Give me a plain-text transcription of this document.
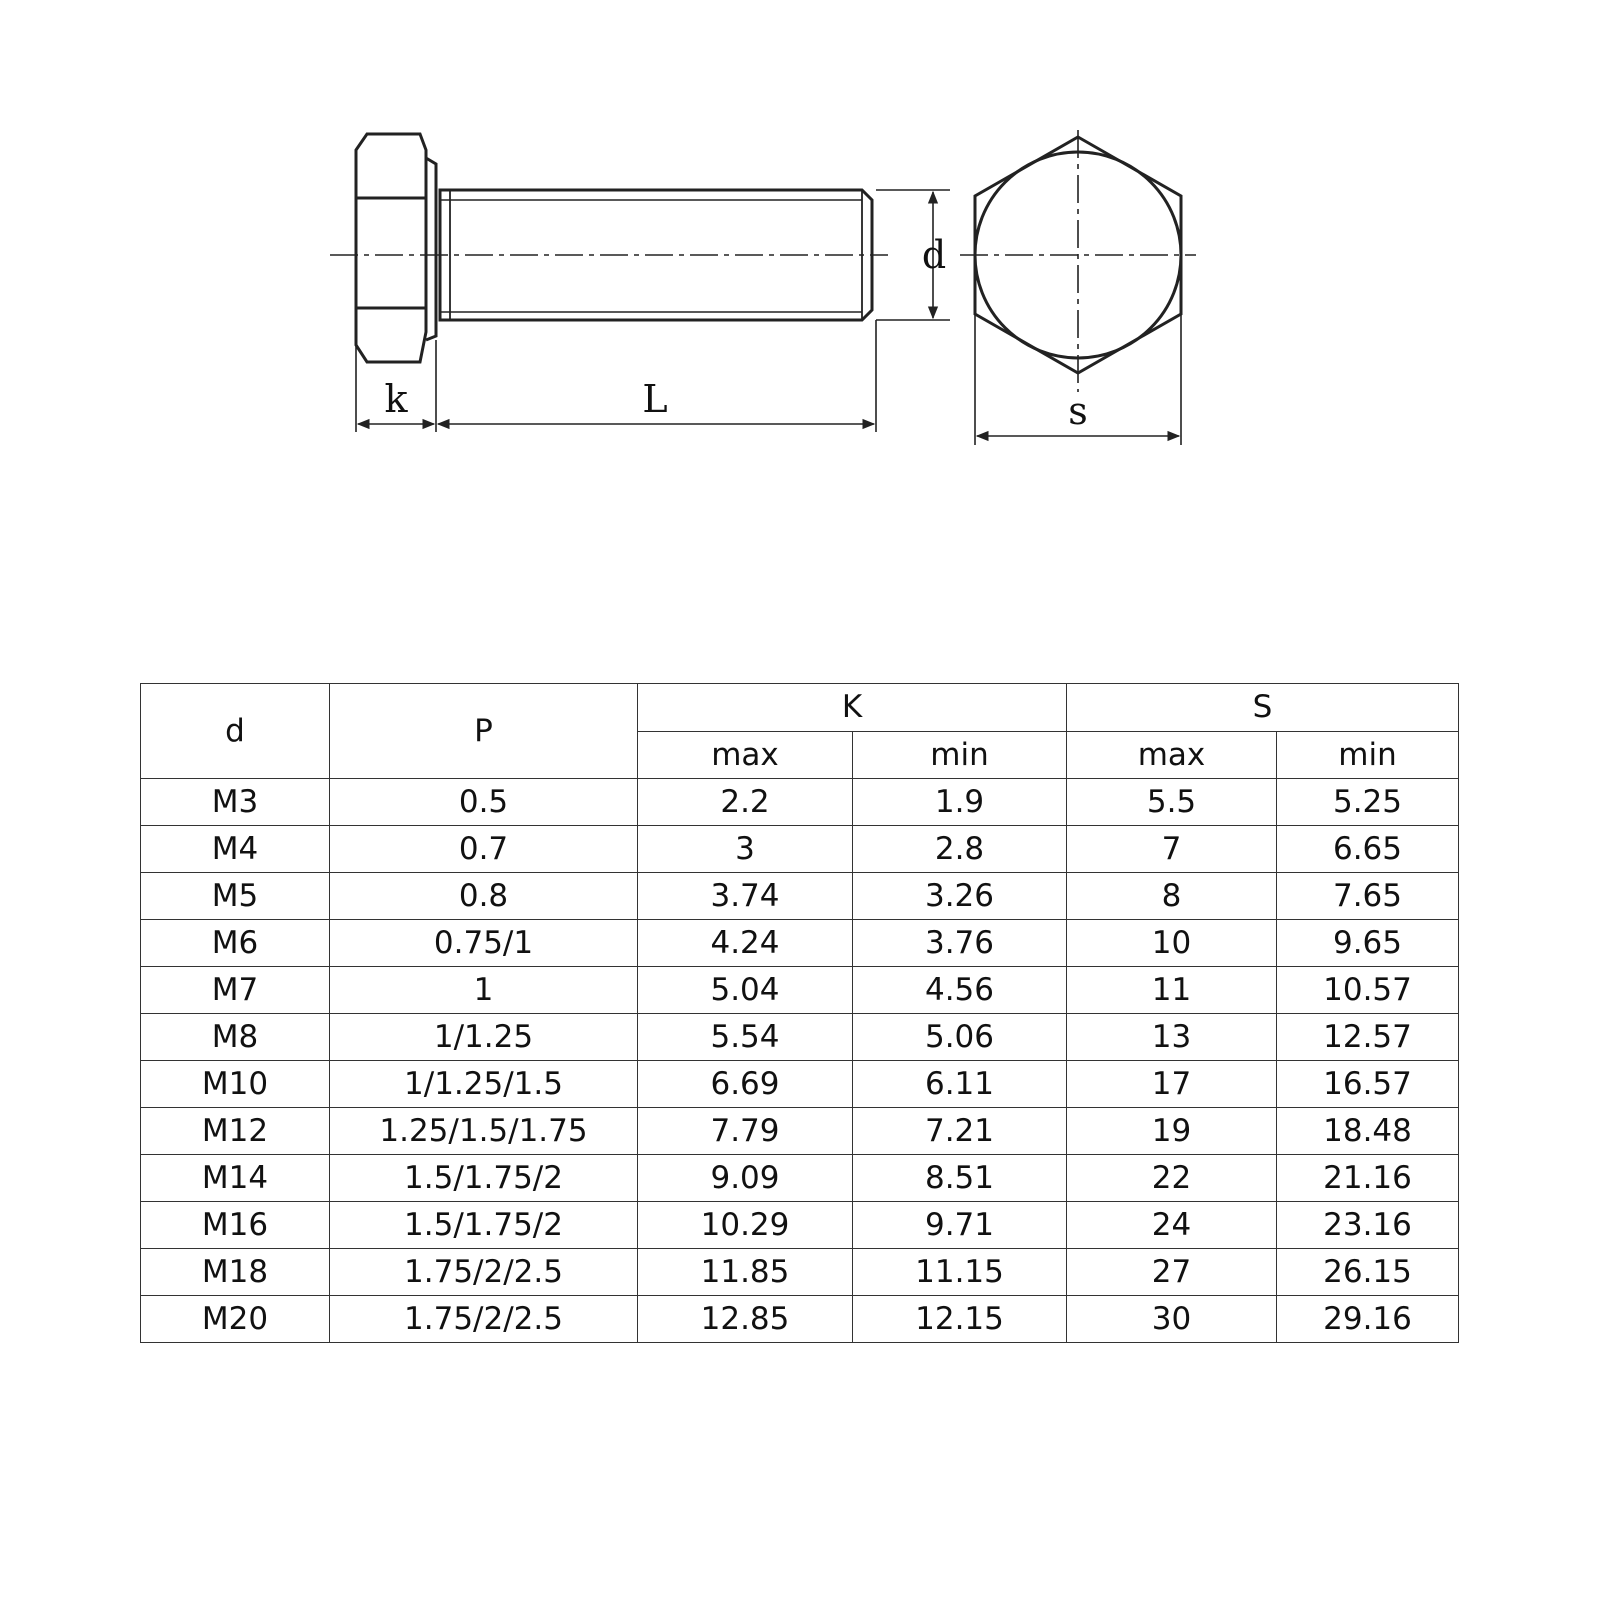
k	L
d
s
d	P	K		S	
		max	min	max	min
M3	0.5	2.2	1.9	5.5	5.25
M4	0.7	3	2.8	7	6.65
M5	0.8	3.74	3.26	8	7.65
M6	0.75/1	4.24	3.76	10	9.65
M7	1	5.04	4.56	11	10.57
M8	1/1.25	5.54	5.06	13	12.57
M10	1/1.25/1.5	6.69	6.11	17	16.57
M12	1.25/1.5/1.75	7.79	7.21	19	18.48
M14	1.5/1.75/2	9.09	8.51	22	21.16
M16	1.5/1.75/2	10.29	9.71	24	23.16
M18	1.75/2/2.5	11.85	11.15	27	26.15
M20	1.75/2/2.5	12.85	12.15	30	29.16
